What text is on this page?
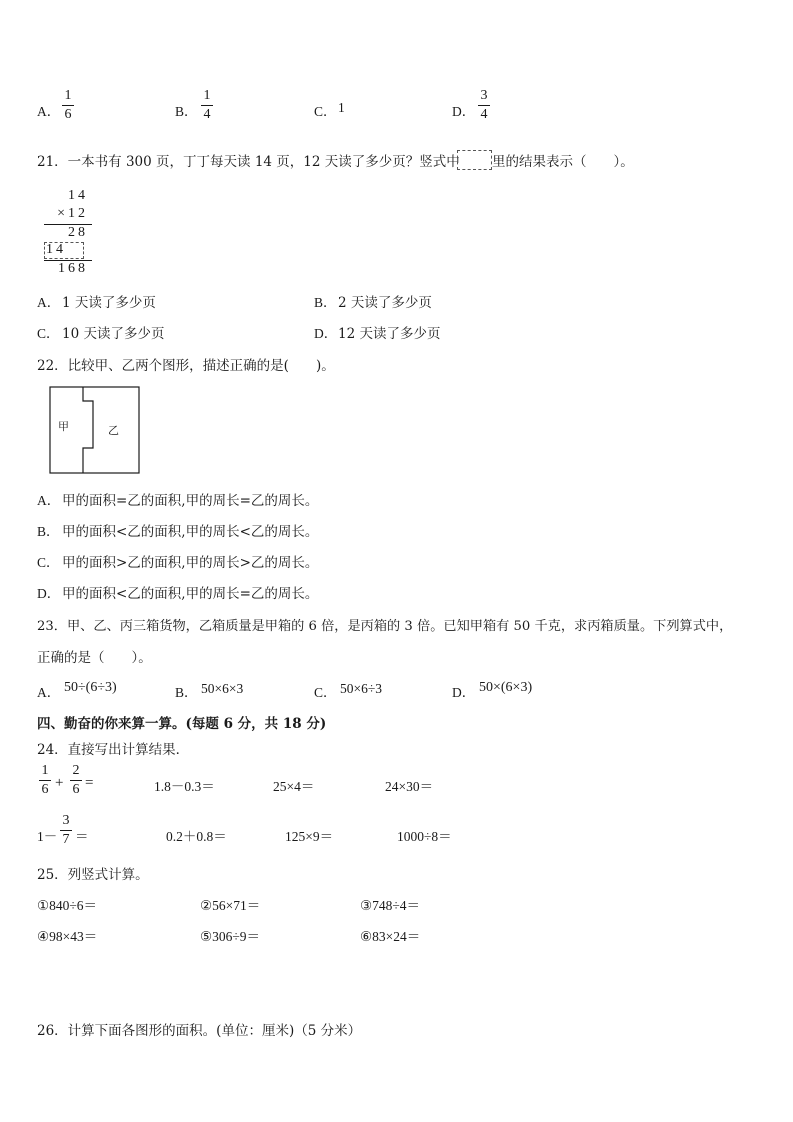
A．
1
6	B．
1
4	C． 1	D．
3
4
21．一本书有 300 页，丁丁每天读 14 页，12 天读了多少页？竖式中 里的结果表示（　　）。
14
×12
28
14
168
A． 1 天读了多少页	B． 2 天读了多少页
C． 10 天读了多少页	D． 12 天读了多少页
22．比较甲、乙两个图形，描述正确的是(　　)。
甲	乙
A． 甲的面积=乙的面积,甲的周长=乙的周长。
B． 甲的面积<乙的面积,甲的周长<乙的周长。
C． 甲的面积>乙的面积,甲的周长>乙的周长。
D． 甲的面积<乙的面积,甲的周长=乙的周长。
23．甲、乙、丙三箱货物，乙箱质量是甲箱的 6 倍，是丙箱的 3 倍。已知甲箱有 50 千克，求丙箱质量。下列算式中，
正确的是（　　）。
A． 50÷(6÷3)	B． 50×6×3	C． 50×6÷3	D． 50×(6×3)
四、勤奋的你来算一算。(每题 6 分，共 18 分)
24．直接写出计算结果．
1
6 +
2
6 =	1.8－0.3＝	25×4＝	24×30＝
1－
3
7 ＝	0.2＋0.8＝	125×9＝	1000÷8＝
25．列竖式计算。
①840÷6＝	②56×71＝	③748÷4＝
④98×43＝	⑤306÷9＝	⑥83×24＝
26．计算下面各图形的面积。(单位：厘米)（5 分米）
